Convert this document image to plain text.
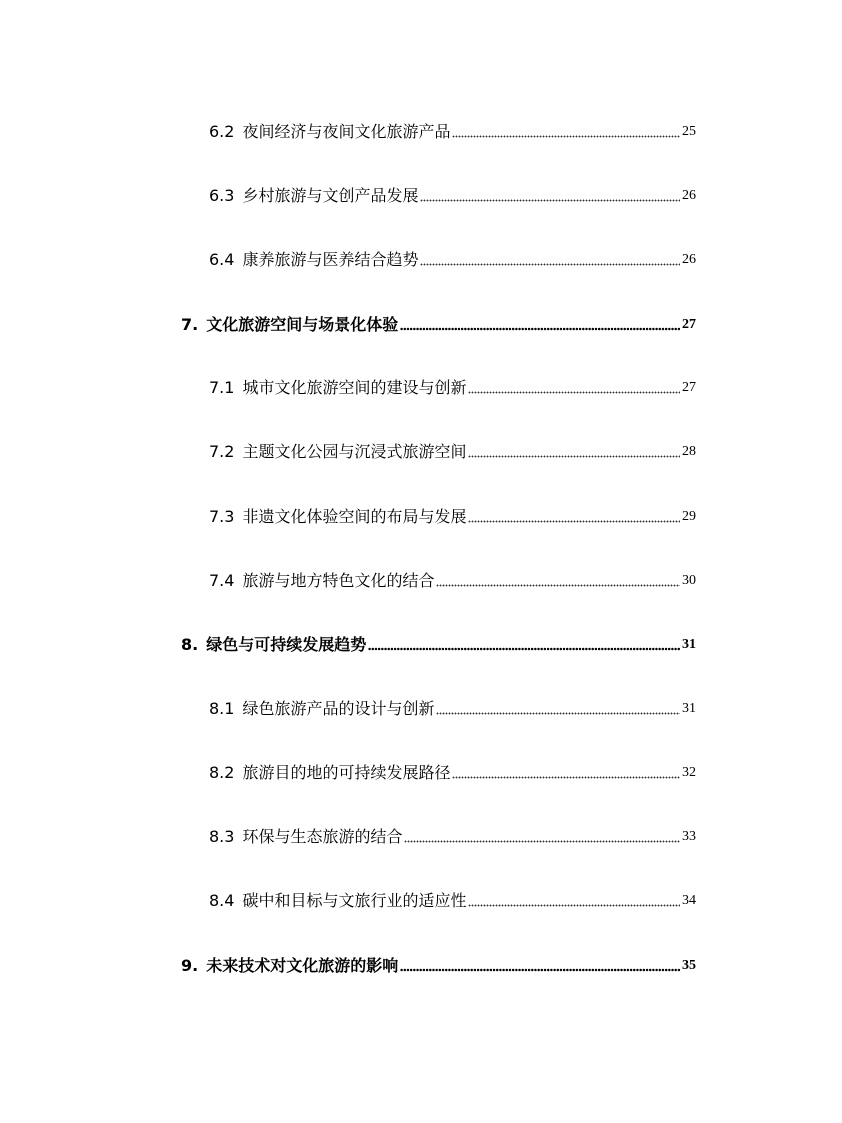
6.2 夜间经济与夜间文化旅游产品	25
6.3 乡村旅游与文创产品发展	26
6.4 康养旅游与医养结合趋势	26
7. 文化旅游空间与场景化体验	27
7.1 城市文化旅游空间的建设与创新	27
7.2 主题文化公园与沉浸式旅游空间	28
7.3 非遗文化体验空间的布局与发展	29
7.4 旅游与地方特色文化的结合	30
8. 绿色与可持续发展趋势	31
8.1 绿色旅游产品的设计与创新	31
8.2 旅游目的地的可持续发展路径	32
8.3 环保与生态旅游的结合	33
8.4 碳中和目标与文旅行业的适应性	34
9. 未来技术对文化旅游的影响	35
